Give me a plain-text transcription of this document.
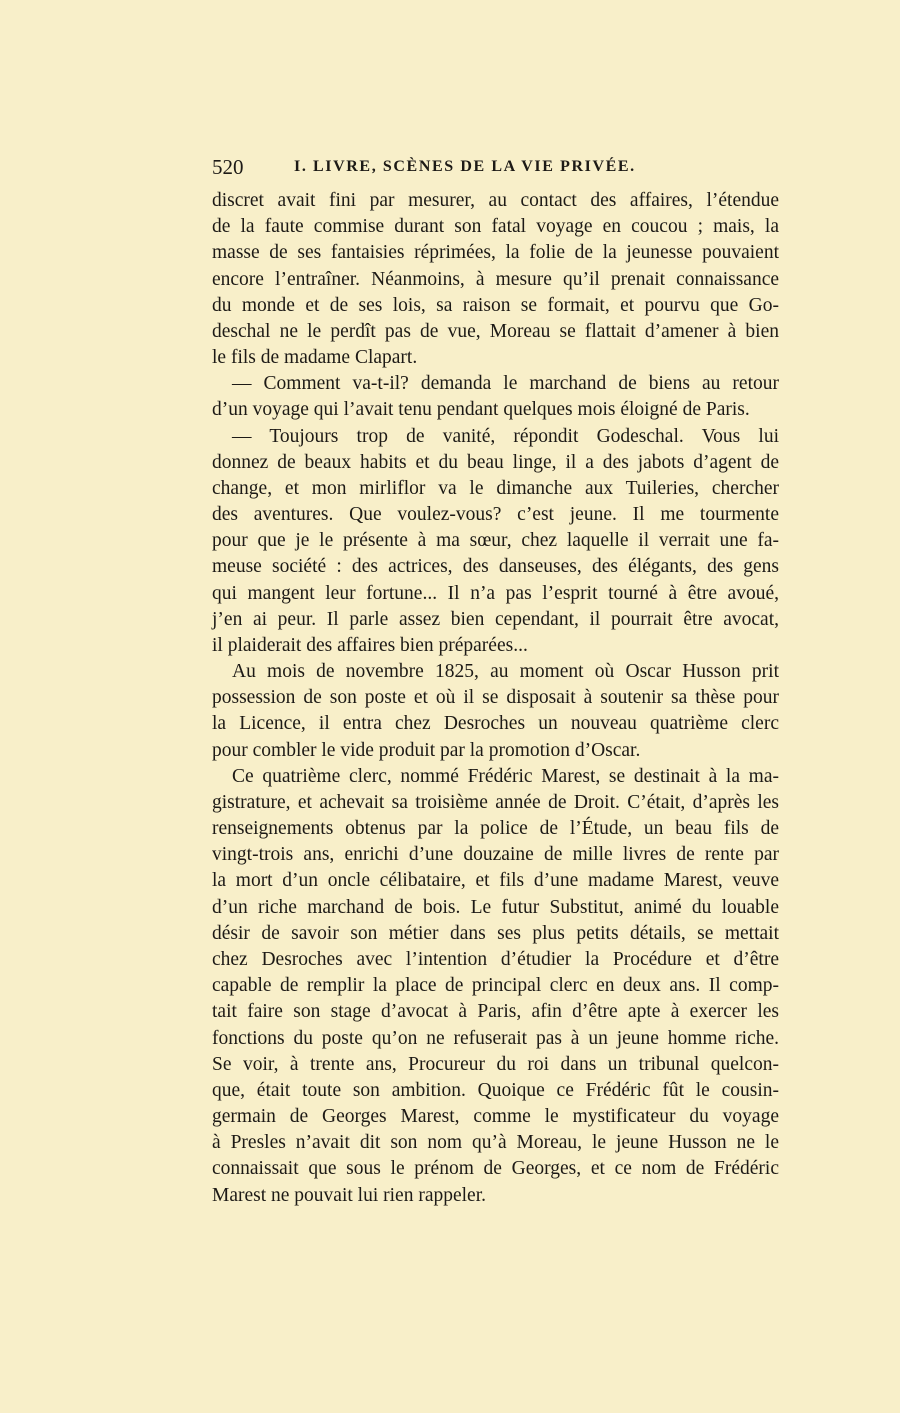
520	I. LIVRE, SCÈNES DE LA VIE PRIVÉE.
discret avait fini par mesurer, au contact des affaires, l’étendue
de la faute commise durant son fatal voyage en coucou ; mais, la
masse de ses fantaisies réprimées, la folie de la jeunesse pouvaient
encore l’entraîner. Néanmoins, à mesure qu’il prenait connaissance
du monde et de ses lois, sa raison se formait, et pourvu que Go-
deschal ne le perdît pas de vue, Moreau se flattait d’amener à bien
le fils de madame Clapart.
— Comment va-t-il? demanda le marchand de biens au retour
d’un voyage qui l’avait tenu pendant quelques mois éloigné de Paris.
— Toujours trop de vanité, répondit Godeschal. Vous lui
donnez de beaux habits et du beau linge, il a des jabots d’agent de
change, et mon mirliflor va le dimanche aux Tuileries, chercher
des aventures. Que voulez-vous? c’est jeune. Il me tourmente
pour que je le présente à ma sœur, chez laquelle il verrait une fa-
meuse société : des actrices, des danseuses, des élégants, des gens
qui mangent leur fortune... Il n’a pas l’esprit tourné à être avoué,
j’en ai peur. Il parle assez bien cependant, il pourrait être avocat,
il plaiderait des affaires bien préparées...
Au mois de novembre 1825, au moment où Oscar Husson prit
possession de son poste et où il se disposait à soutenir sa thèse pour
la Licence, il entra chez Desroches un nouveau quatrième clerc
pour combler le vide produit par la promotion d’Oscar.
Ce quatrième clerc, nommé Frédéric Marest, se destinait à la ma-
gistrature, et achevait sa troisième année de Droit. C’était, d’après les
renseignements obtenus par la police de l’Étude, un beau fils de
vingt-trois ans, enrichi d’une douzaine de mille livres de rente par
la mort d’un oncle célibataire, et fils d’une madame Marest, veuve
d’un riche marchand de bois. Le futur Substitut, animé du louable
désir de savoir son métier dans ses plus petits détails, se mettait
chez Desroches avec l’intention d’étudier la Procédure et d’être
capable de remplir la place de principal clerc en deux ans. Il comp-
tait faire son stage d’avocat à Paris, afin d’être apte à exercer les
fonctions du poste qu’on ne refuserait pas à un jeune homme riche.
Se voir, à trente ans, Procureur du roi dans un tribunal quelcon-
que, était toute son ambition. Quoique ce Frédéric fût le cousin-
germain de Georges Marest, comme le mystificateur du voyage
à Presles n’avait dit son nom qu’à Moreau, le jeune Husson ne le
connaissait que sous le prénom de Georges, et ce nom de Frédéric
Marest ne pouvait lui rien rappeler.
